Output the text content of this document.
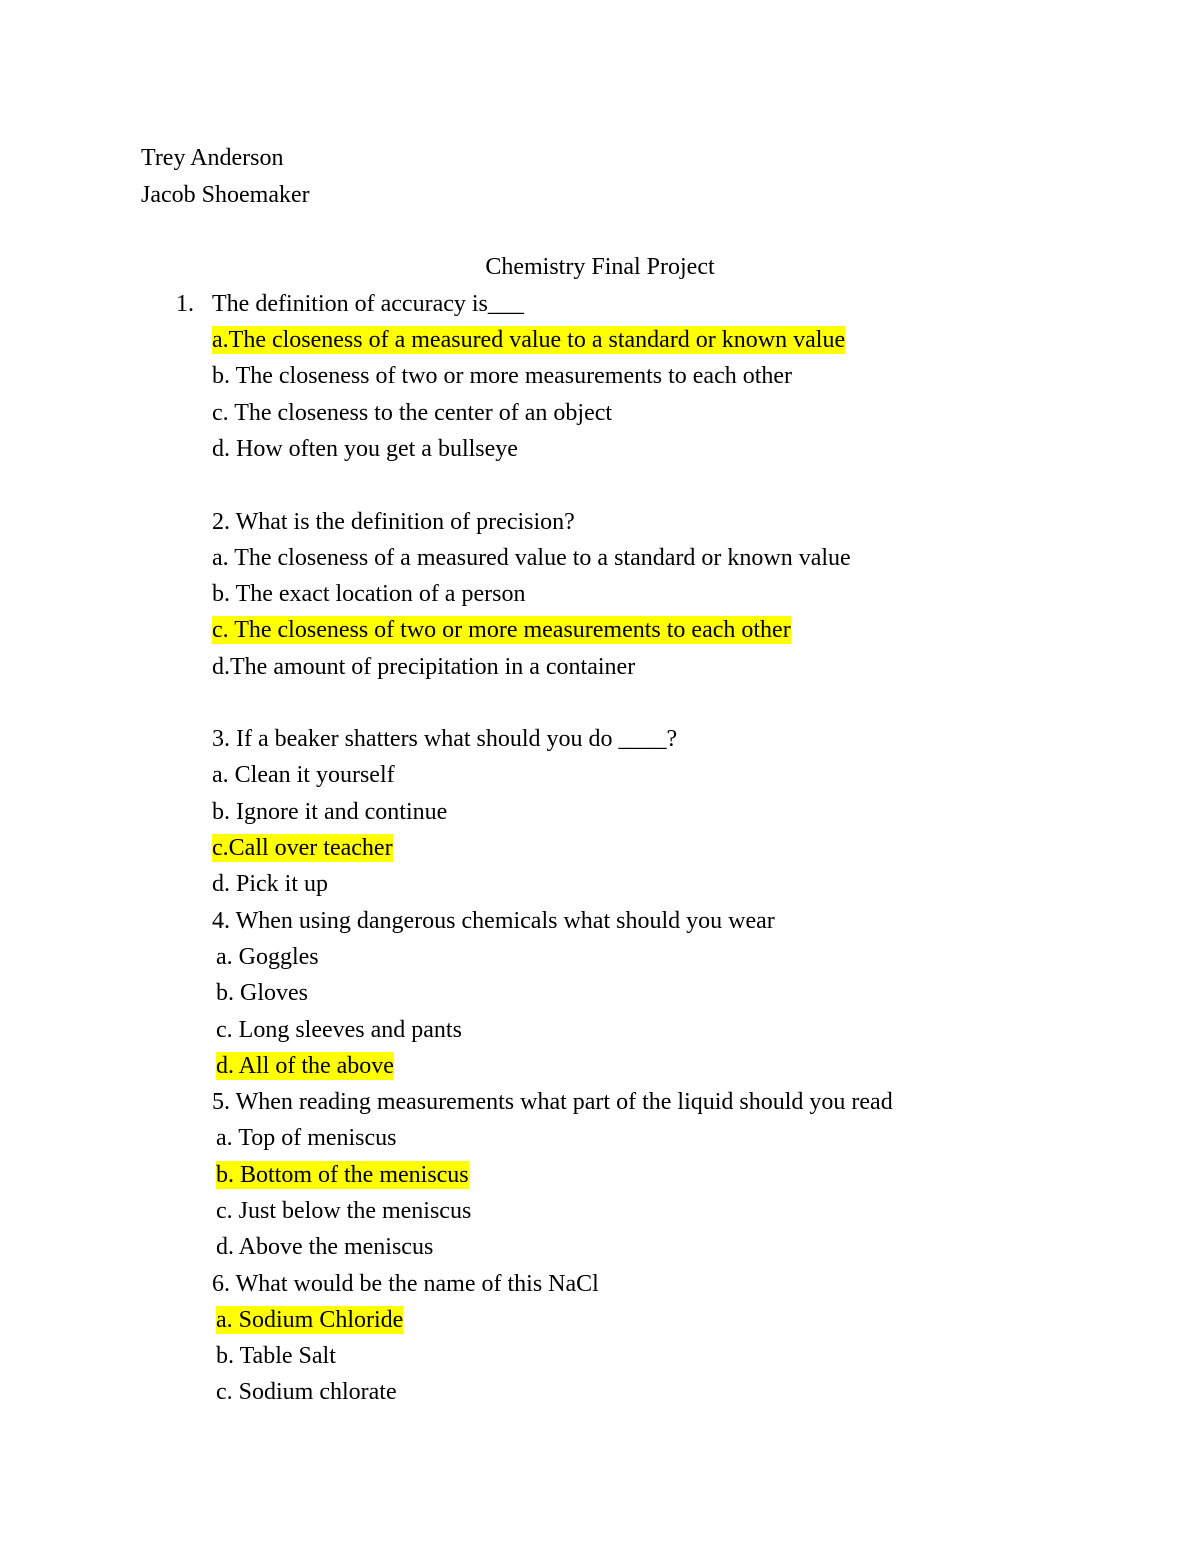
Trey Anderson
Jacob Shoemaker
Chemistry Final Project
1. The definition of accuracy is___
a.The closeness of a measured value to a standard or known value
b. The closeness of two or more measurements to each other
c. The closeness to the center of an object
d. How often you get a bullseye
2. What is the definition of precision?
a. The closeness of a measured value to a standard or known value
b. The exact location of a person
c. The closeness of two or more measurements to each other
d.The amount of precipitation in a container
3. If a beaker shatters what should you do ____?
a. Clean it yourself
b. Ignore it and continue
c.Call over teacher
d. Pick it up
4. When using dangerous chemicals what should you wear
a. Goggles
b. Gloves
c. Long sleeves and pants
d. All of the above
5. When reading measurements what part of the liquid should you read
a. Top of meniscus
b. Bottom of the meniscus
c. Just below the meniscus
d. Above the meniscus
6. What would be the name of this NaCl
a. Sodium Chloride
b. Table Salt
c. Sodium chlorate
